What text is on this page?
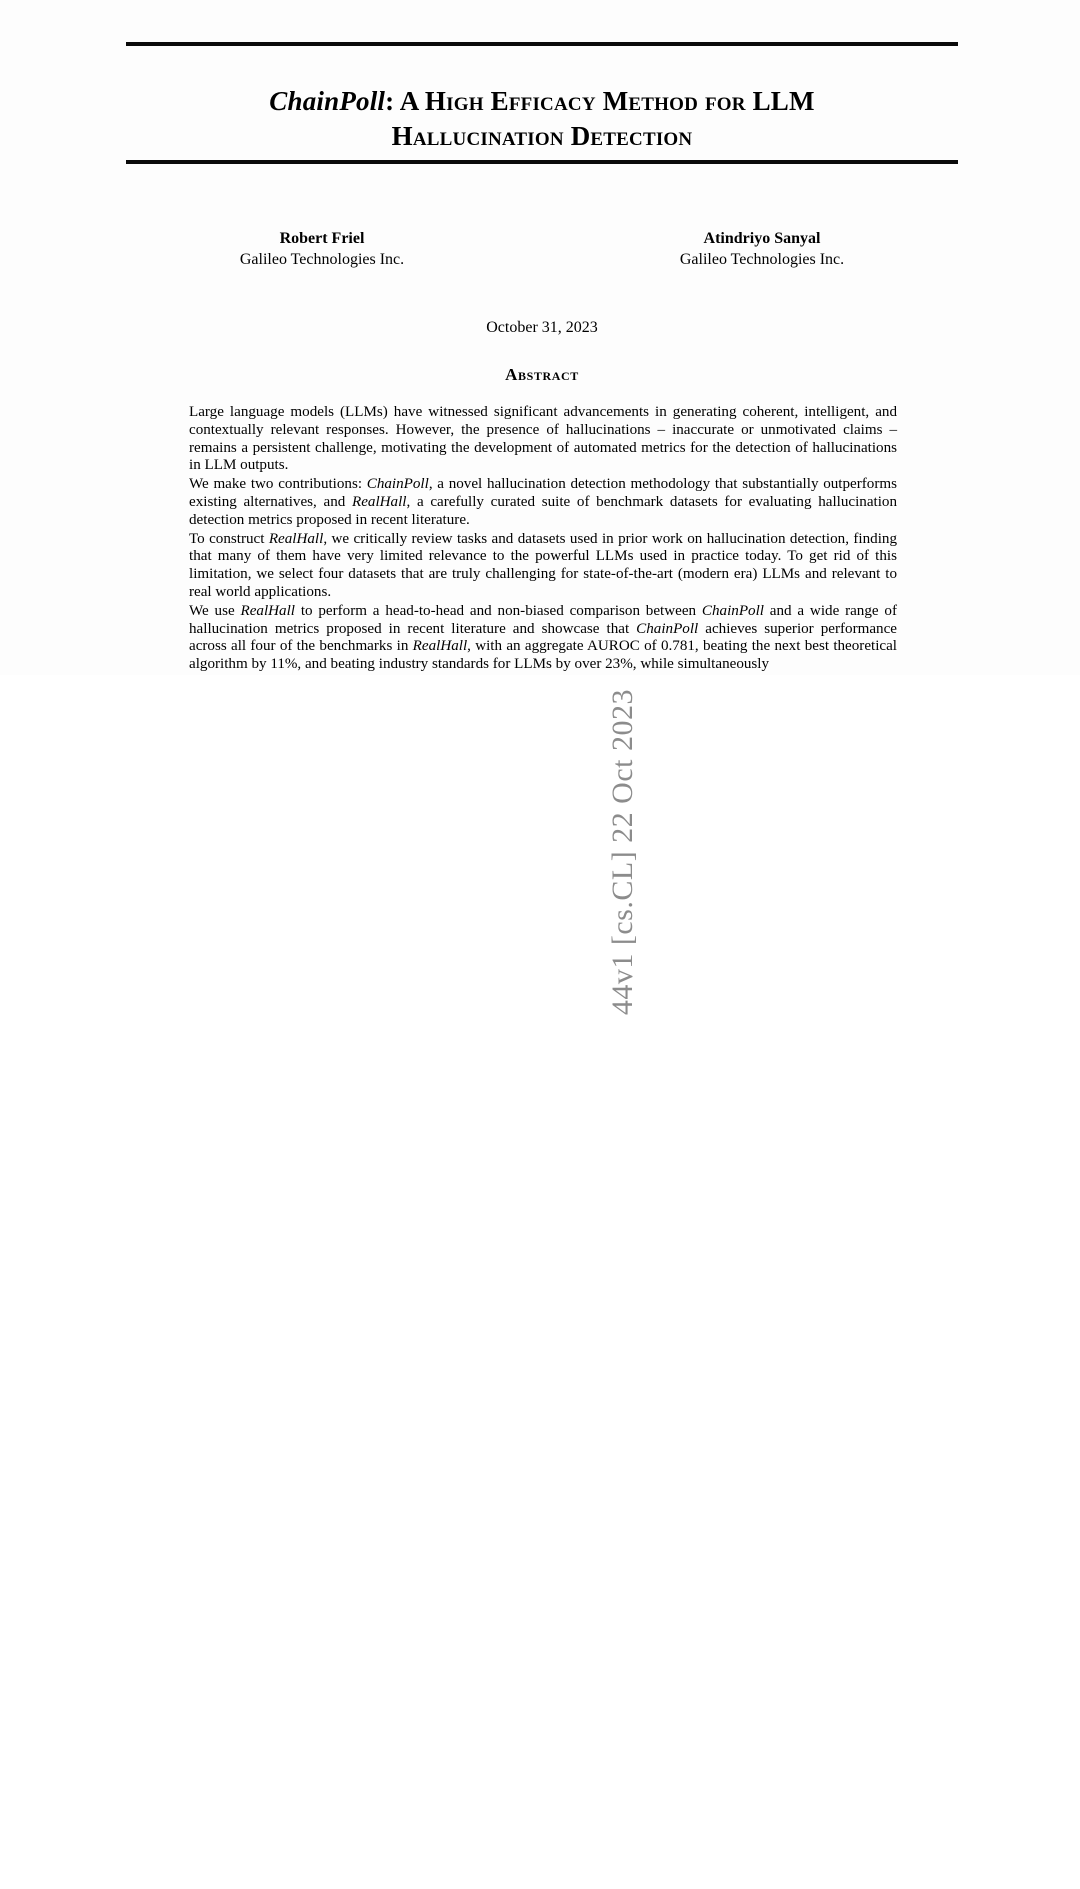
44v1 [cs.CL] 22 Oct 2023
ChainPoll: A High Efficacy Method for LLM
Hallucination Detection
Robert Friel
Galileo Technologies Inc.
Atindriyo Sanyal
Galileo Technologies Inc.
October 31, 2023
Abstract

Large language models (LLMs) have witnessed significant advancements in generating coherent, intelligent, and contextually relevant responses. However, the presence of hallucinations – inaccurate or unmotivated claims – remains a persistent challenge, motivating the development of automated metrics for the detection of hallucinations in LLM outputs.

We make two contributions: ChainPoll, a novel hallucination detection methodology that substantially outperforms existing alternatives, and RealHall, a carefully curated suite of benchmark datasets for evaluating hallucination detection metrics proposed in recent literature.

To construct RealHall, we critically review tasks and datasets used in prior work on hallucination detection, finding that many of them have very limited relevance to the powerful LLMs used in practice today. To get rid of this limitation, we select four datasets that are truly challenging for state-of-the-art (modern era) LLMs and relevant to real world applications.

We use RealHall to perform a head-to-head and non-biased comparison between ChainPoll and a wide range of hallucination metrics proposed in recent literature and showcase that ChainPoll achieves superior performance across all four of the benchmarks in RealHall, with an aggregate AUROC of 0.781, beating the next best theoretical algorithm by 11%, and beating industry standards for LLMs by over 23%, while simultaneously
